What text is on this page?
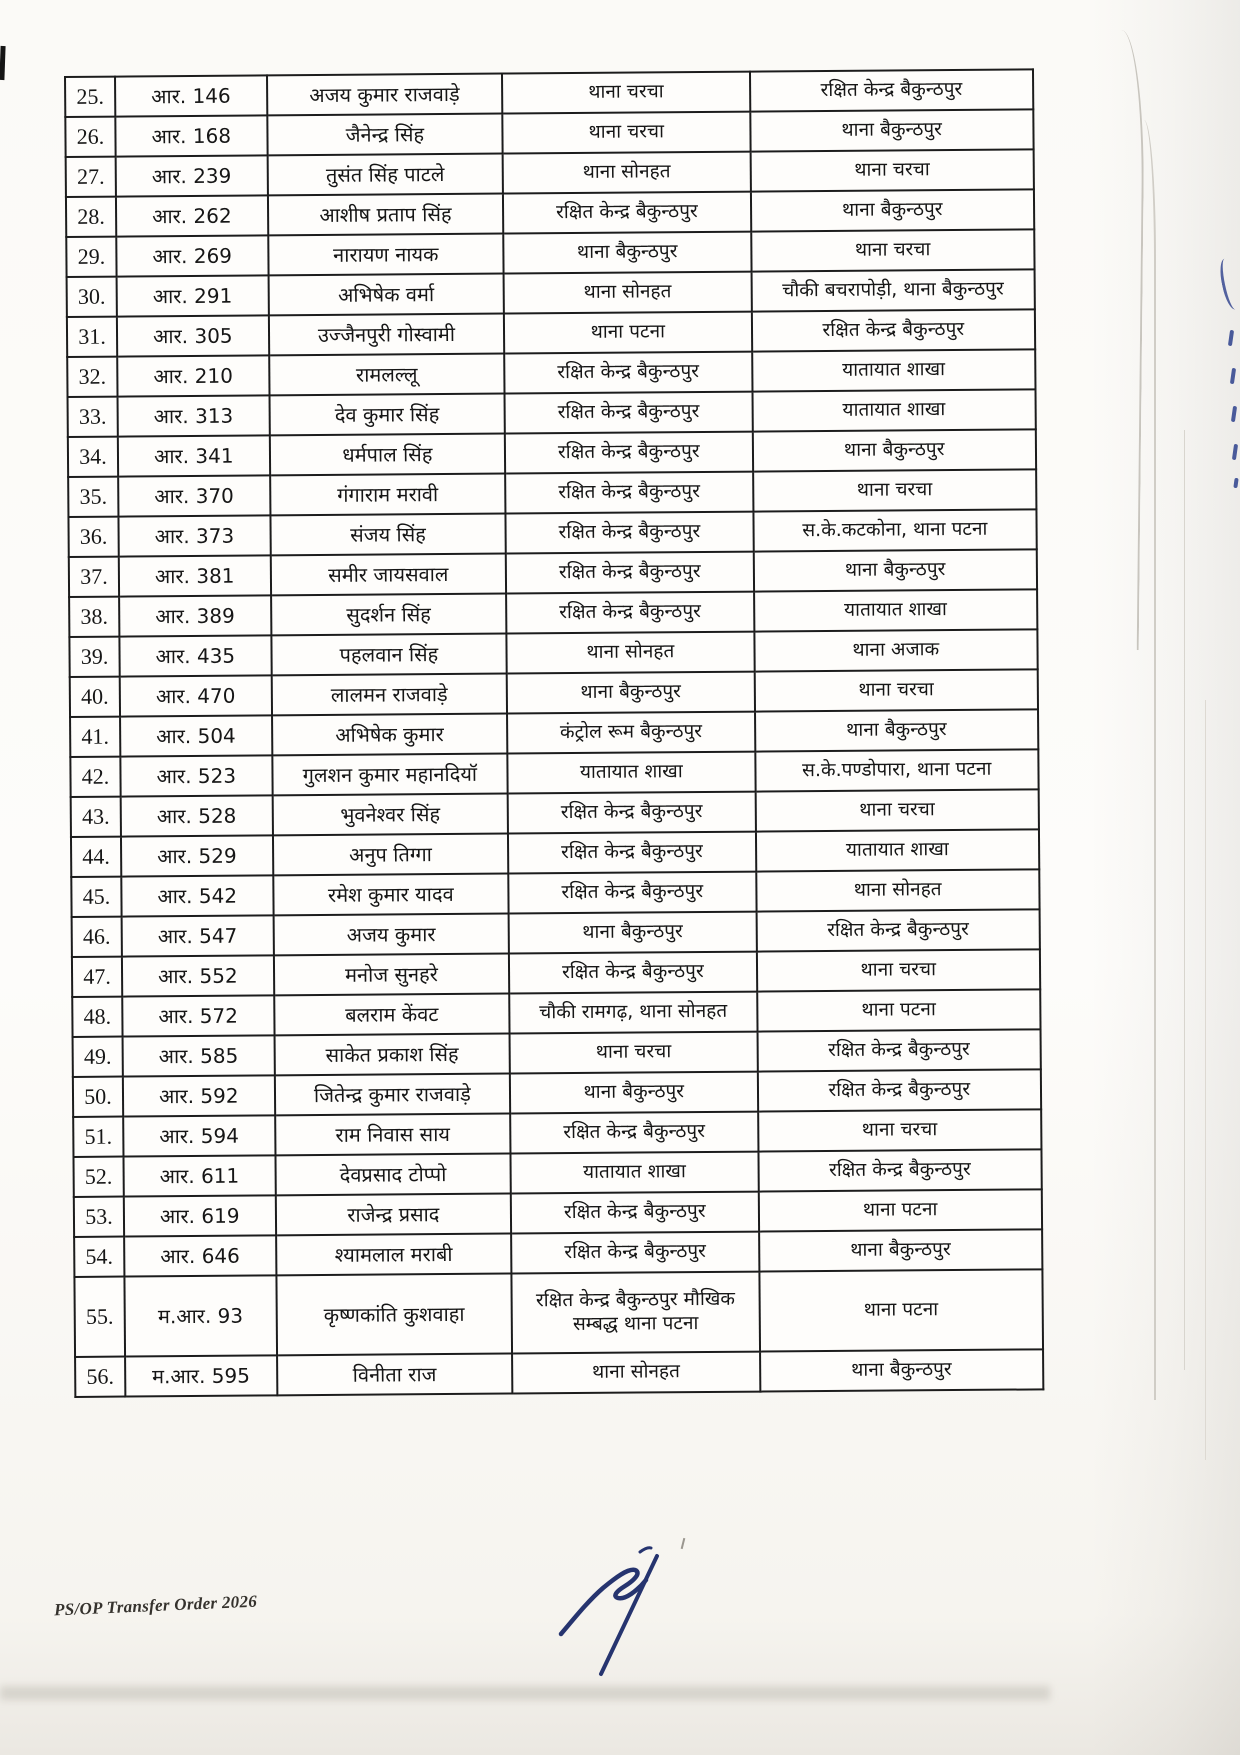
25.	आर. 146	अजय कुमार राजवाड़े	थाना चरचा	रक्षित केन्द्र बैकुन्ठपुर
26.	आर. 168	जैनेन्द्र सिंह	थाना चरचा	थाना बैकुन्ठपुर
27.	आर. 239	तुसंत सिंह पाटले	थाना सोनहत	थाना चरचा
28.	आर. 262	आशीष प्रताप सिंह	रक्षित केन्द्र बैकुन्ठपुर	थाना बैकुन्ठपुर
29.	आर. 269	नारायण नायक	थाना बैकुन्ठपुर	थाना चरचा
30.	आर. 291	अभिषेक वर्मा	थाना सोनहत	चौकी बचरापोड़ी, थाना बैकुन्ठपुर
31.	आर. 305	उज्जैनपुरी गोस्वामी	थाना पटना	रक्षित केन्द्र बैकुन्ठपुर
32.	आर. 210	रामलल्लू	रक्षित केन्द्र बैकुन्ठपुर	यातायात शाखा
33.	आर. 313	देव कुमार सिंह	रक्षित केन्द्र बैकुन्ठपुर	यातायात शाखा
34.	आर. 341	धर्मपाल सिंह	रक्षित केन्द्र बैकुन्ठपुर	थाना बैकुन्ठपुर
35.	आर. 370	गंगाराम मरावी	रक्षित केन्द्र बैकुन्ठपुर	थाना चरचा
36.	आर. 373	संजय सिंह	रक्षित केन्द्र बैकुन्ठपुर	स.के.कटकोना, थाना पटना
37.	आर. 381	समीर जायसवाल	रक्षित केन्द्र बैकुन्ठपुर	थाना बैकुन्ठपुर
38.	आर. 389	सुदर्शन सिंह	रक्षित केन्द्र बैकुन्ठपुर	यातायात शाखा
39.	आर. 435	पहलवान सिंह	थाना सोनहत	थाना अजाक
40.	आर. 470	लालमन राजवाड़े	थाना बैकुन्ठपुर	थाना चरचा
41.	आर. 504	अभिषेक कुमार	कंट्रोल रूम बैकुन्ठपुर	थाना बैकुन्ठपुर
42.	आर. 523	गुलशन कुमार महानदियॉ	यातायात शाखा	स.के.पण्डोपारा, थाना पटना
43.	आर. 528	भुवनेश्वर सिंह	रक्षित केन्द्र बैकुन्ठपुर	थाना चरचा
44.	आर. 529	अनुप तिग्गा	रक्षित केन्द्र बैकुन्ठपुर	यातायात शाखा
45.	आर. 542	रमेश कुमार यादव	रक्षित केन्द्र बैकुन्ठपुर	थाना सोनहत
46.	आर. 547	अजय कुमार	थाना बैकुन्ठपुर	रक्षित केन्द्र बैकुन्ठपुर
47.	आर. 552	मनोज सुनहरे	रक्षित केन्द्र बैकुन्ठपुर	थाना चरचा
48.	आर. 572	बलराम केंवट	चौकी रामगढ़, थाना सोनहत	थाना पटना
49.	आर. 585	साकेत प्रकाश सिंह	थाना चरचा	रक्षित केन्द्र बैकुन्ठपुर
50.	आर. 592	जितेन्द्र कुमार राजवाड़े	थाना बैकुन्ठपुर	रक्षित केन्द्र बैकुन्ठपुर
51.	आर. 594	राम निवास साय	रक्षित केन्द्र बैकुन्ठपुर	थाना चरचा
52.	आर. 611	देवप्रसाद टोप्पो	यातायात शाखा	रक्षित केन्द्र बैकुन्ठपुर
53.	आर. 619	राजेन्द्र प्रसाद	रक्षित केन्द्र बैकुन्ठपुर	थाना पटना
54.	आर. 646	श्यामलाल मराबी	रक्षित केन्द्र बैकुन्ठपुर	थाना बैकुन्ठपुर
55.	म.आर. 93	कृष्णकांति कुशवाहा	रक्षित केन्द्र बैकुन्ठपुर मौखिक सम्बद्ध थाना पटना	थाना पटना
56.	म.आर. 595	विनीता राज	थाना सोनहत	थाना बैकुन्ठपुर
PS/OP Transfer Order 2026
